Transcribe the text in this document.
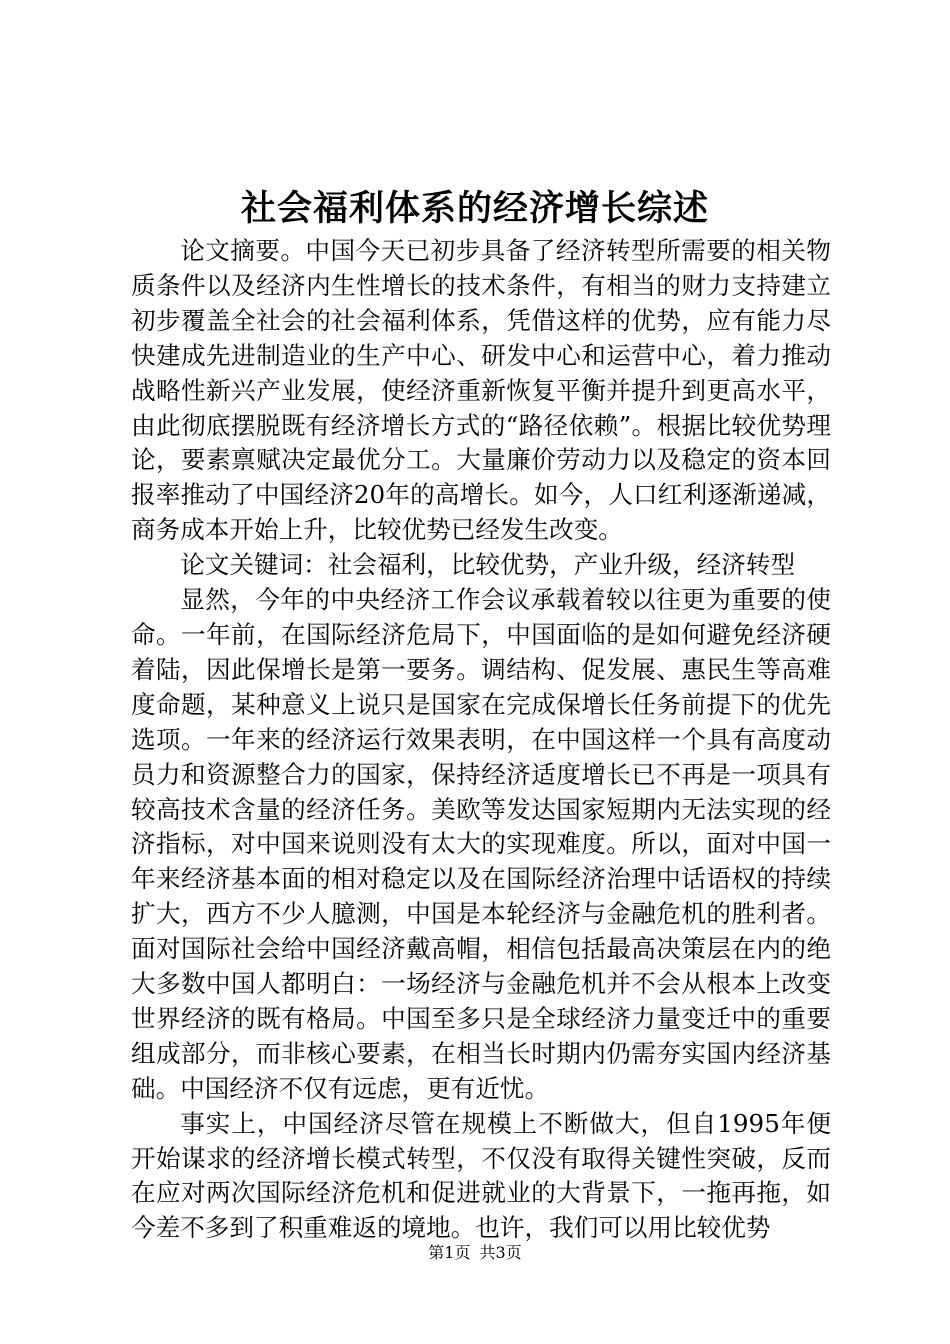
社会福利体系的经济增长综述

论文摘要。中国今天已初步具备了经济转型所需要的相关物质条件以及经济内生性增长的技术条件，有相当的财力支持建立初步覆盖全社会的社会福利体系，凭借这样的优势，应有能力尽快建成先进制造业的生产中心、研发中心和运营中心，着力推动战略性新兴产业发展，使经济重新恢复平衡并提升到更高水平，由此彻底摆脱既有经济增长方式的“路径依赖”。根据比较优势理论，要素禀赋决定最优分工。大量廉价劳动力以及稳定的资本回报率推动了中国经济20年的高增长。如今，人口红利逐渐递减，商务成本开始上升，比较优势已经发生改变。

论文关键词：社会福利，比较优势，产业升级，经济转型

显然，今年的中央经济工作会议承载着较以往更为重要的使命。一年前，在国际经济危局下，中国面临的是如何避免经济硬着陆，因此保增长是第一要务。调结构、促发展、惠民生等高难度命题，某种意义上说只是国家在完成保增长任务前提下的优先选项。一年来的经济运行效果表明，在中国这样一个具有高度动员力和资源整合力的国家，保持经济适度增长已不再是一项具有较高技术含量的经济任务。美欧等发达国家短期内无法实现的经济指标，对中国来说则没有太大的实现难度。所以，面对中国一年来经济基本面的相对稳定以及在国际经济治理中话语权的持续扩大，西方不少人臆测，中国是本轮经济与金融危机的胜利者。面对国际社会给中国经济戴高帽，相信包括最高决策层在内的绝大多数中国人都明白：一场经济与金融危机并不会从根本上改变世界经济的既有格局。中国至多只是全球经济力量变迁中的重要组成部分，而非核心要素，在相当长时期内仍需夯实国内经济基础。中国经济不仅有远虑，更有近忧。

事实上，中国经济尽管在规模上不断做大，但自1995年便开始谋求的经济增长模式转型，不仅没有取得关键性突破，反而在应对两次国际经济危机和促进就业的大背景下，一拖再拖，如今差不多到了积重难返的境地。也许，我们可以用比较优势

第1页 共3页
